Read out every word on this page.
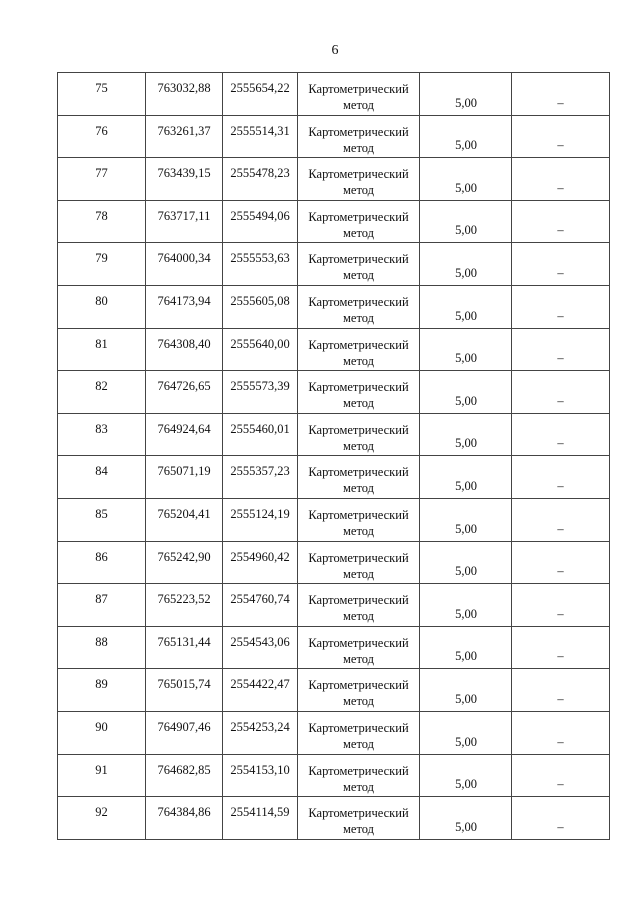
6
75	763032,88	2555654,22	Картометрический
метод	5,00	–
76	763261,37	2555514,31	Картометрический
метод	5,00	–
77	763439,15	2555478,23	Картометрический
метод	5,00	–
78	763717,11	2555494,06	Картометрический
метод	5,00	–
79	764000,34	2555553,63	Картометрический
метод	5,00	–
80	764173,94	2555605,08	Картометрический
метод	5,00	–
81	764308,40	2555640,00	Картометрический
метод	5,00	–
82	764726,65	2555573,39	Картометрический
метод	5,00	–
83	764924,64	2555460,01	Картометрический
метод	5,00	–
84	765071,19	2555357,23	Картометрический
метод	5,00	–
85	765204,41	2555124,19	Картометрический
метод	5,00	–
86	765242,90	2554960,42	Картометрический
метод	5,00	–
87	765223,52	2554760,74	Картометрический
метод	5,00	–
88	765131,44	2554543,06	Картометрический
метод	5,00	–
89	765015,74	2554422,47	Картометрический
метод	5,00	–
90	764907,46	2554253,24	Картометрический
метод	5,00	–
91	764682,85	2554153,10	Картометрический
метод	5,00	–
92	764384,86	2554114,59	Картометрический
метод	5,00	–
